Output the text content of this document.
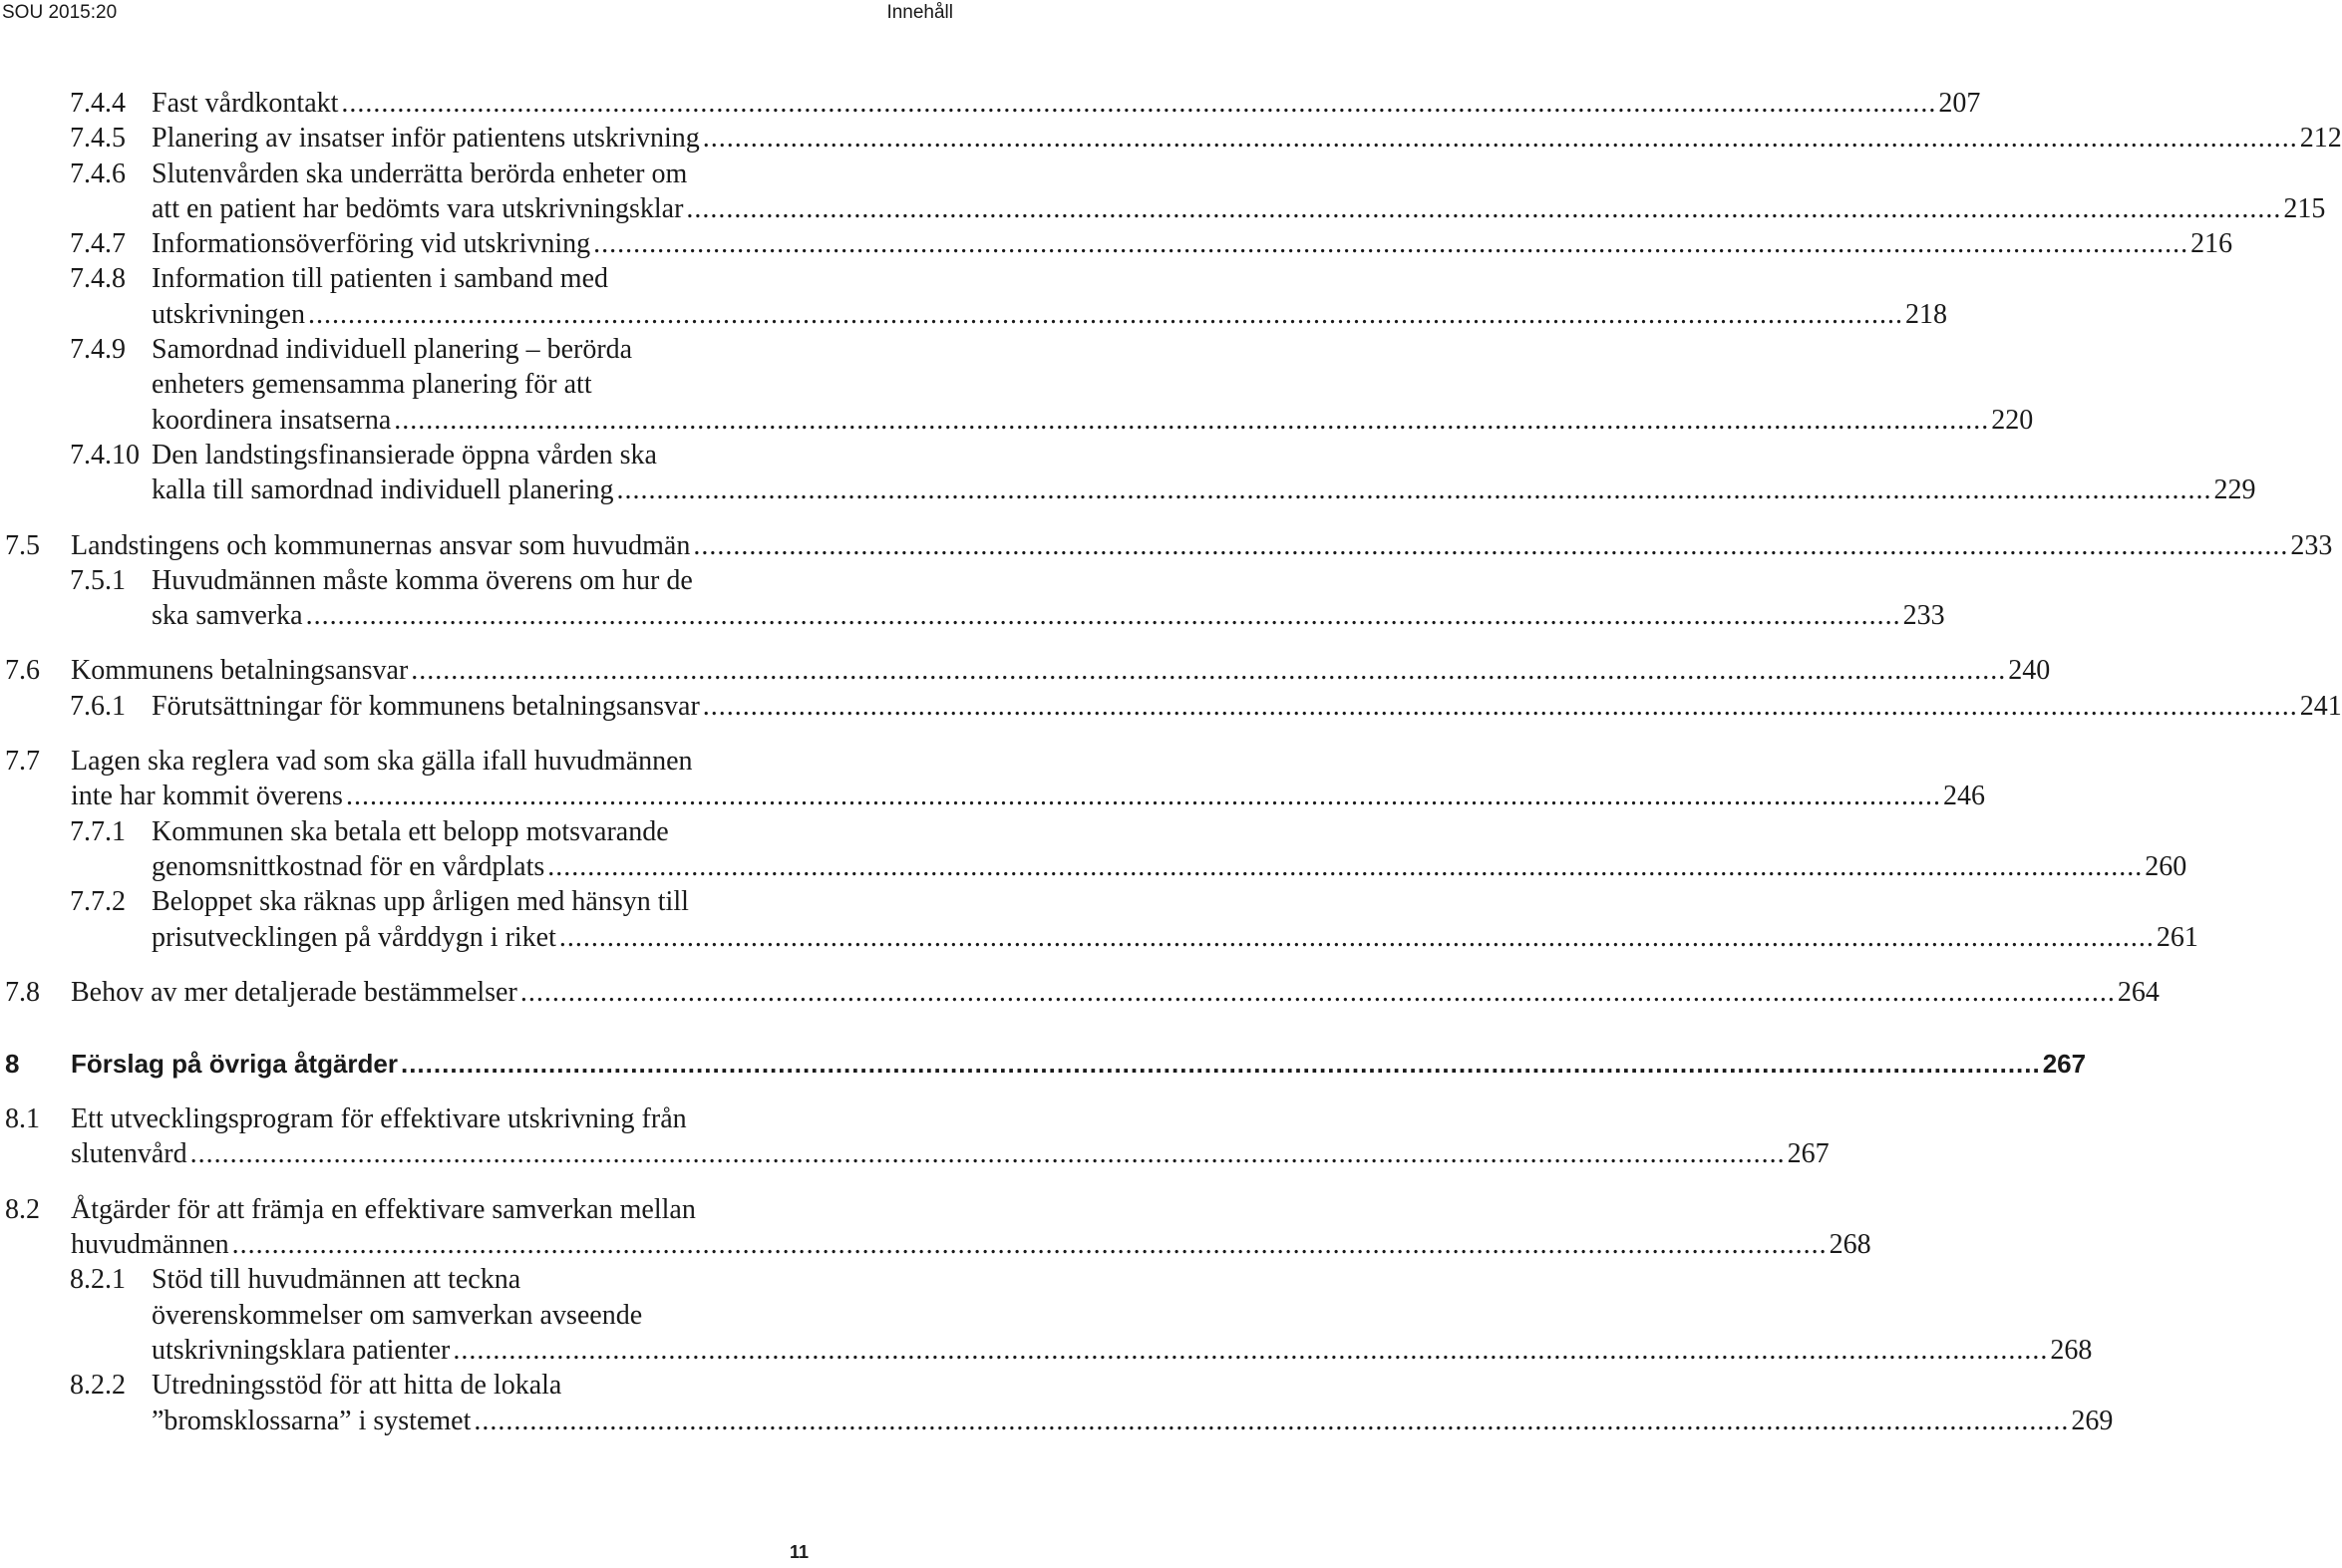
SOU 2015:20	Innehåll
7.4.4 Fast vårdkontakt ........................................................................................................................................................................................................ 207
7.4.5 Planering av insatser inför patientens utskrivning ........................................................................................................................................................................................................ 212
7.4.6 Slutenvården ska underrätta berörda enheter om
att en patient har bedömts vara utskrivningsklar ........................................................................................................................................................................................................ 215
7.4.7 Informationsöverföring vid utskrivning ........................................................................................................................................................................................................ 216
7.4.8 Information till patienten i samband med
utskrivningen ........................................................................................................................................................................................................ 218
7.4.9 Samordnad individuell planering – berörda
enheters gemensamma planering för att
koordinera insatserna ........................................................................................................................................................................................................ 220
7.4.10 Den landstingsfinansierade öppna vården ska
kalla till samordnad individuell planering ........................................................................................................................................................................................................ 229
7.5 Landstingens och kommunernas ansvar som huvudmän ........................................................................................................................................................................................................ 233
7.5.1 Huvudmännen måste komma överens om hur de
ska samverka ........................................................................................................................................................................................................ 233
7.6 Kommunens betalningsansvar ........................................................................................................................................................................................................ 240
7.6.1 Förutsättningar för kommunens betalningsansvar ........................................................................................................................................................................................................ 241
7.7 Lagen ska reglera vad som ska gälla ifall huvudmännen
inte har kommit överens ........................................................................................................................................................................................................ 246
7.7.1 Kommunen ska betala ett belopp motsvarande
genomsnittkostnad för en vårdplats ........................................................................................................................................................................................................ 260
7.7.2 Beloppet ska räknas upp årligen med hänsyn till
prisutvecklingen på vårddygn i riket ........................................................................................................................................................................................................ 261
7.8 Behov av mer detaljerade bestämmelser ........................................................................................................................................................................................................ 264
8 Förslag på övriga åtgärder ........................................................................................................................................................................................................ 267
8.1 Ett utvecklingsprogram för effektivare utskrivning från
slutenvård ........................................................................................................................................................................................................ 267
8.2 Åtgärder för att främja en effektivare samverkan mellan
huvudmännen ........................................................................................................................................................................................................ 268
8.2.1 Stöd till huvudmännen att teckna
överenskommelser om samverkan avseende
utskrivningsklara patienter ........................................................................................................................................................................................................ 268
8.2.2 Utredningsstöd för att hitta de lokala
”bromsklossarna” i systemet ........................................................................................................................................................................................................ 269
11
